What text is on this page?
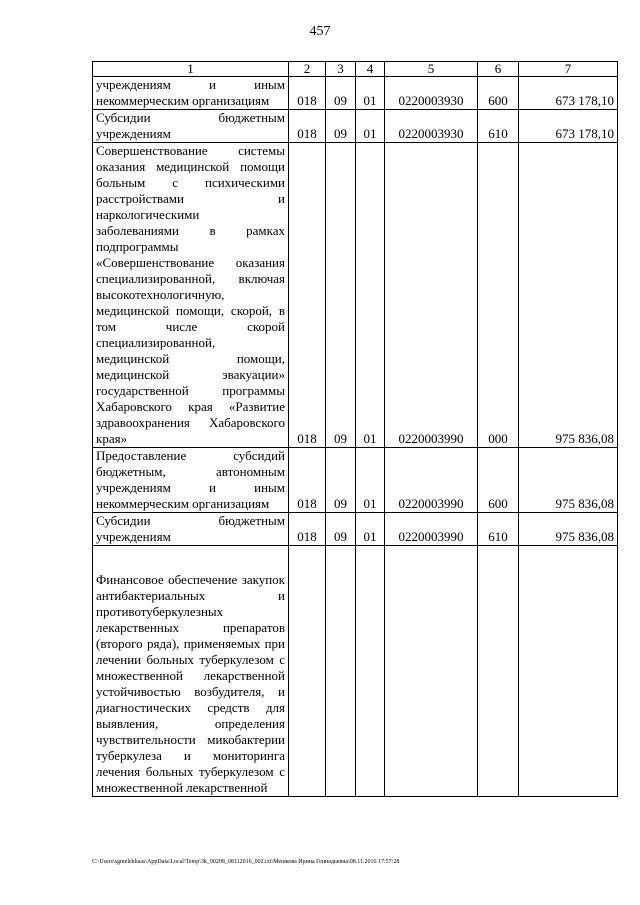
457
1	2	3	4	5	6	7
учреждениям и иным некоммерческим организациям	018	09	01	0220003930	600	673 178,10
Субсидии бюджетным учреждениям	018	09	01	0220003930	610	673 178,10
Совершенствование системы оказания медицинской помощи больным с психическими расстройствами и наркологическими заболеваниями в рамках подпрограммы «Совершенствование оказания специализированной, включая высокотехнологичную, медицинской помощи, скорой, в том числе скорой специализированной, медицинской помощи, медицинской эвакуации» государственной программы Хабаровского края «Развитие здравоохранения Хабаровского края»	018	09	01	0220003990	000	975 836,08
Предоставление субсидий бюджетным, автономным учреждениям и иным некоммерческим организациям	018	09	01	0220003990	600	975 836,08
Субсидии бюджетным учреждениям	018	09	01	0220003990	610	975 836,08
Финансовое обеспечение закупок антибактериальных и противотуберкулезных лекарственных препаратов (второго ряда), применяемых при лечении больных туберкулезом с множественной лекарственной устойчивостью возбудителя, и диагностических средств для выявления, определения чувствительности микобактерии туберкулеза и мониторинга лечения больных туберкулезом с множественной лекарственной						
C:\Users\sgmelekhaas\AppData\Local\Temp\3k_00208_08112016_002.txt\Мешкова Ирина Геннадьевна\08.11.2016 17:57:28
